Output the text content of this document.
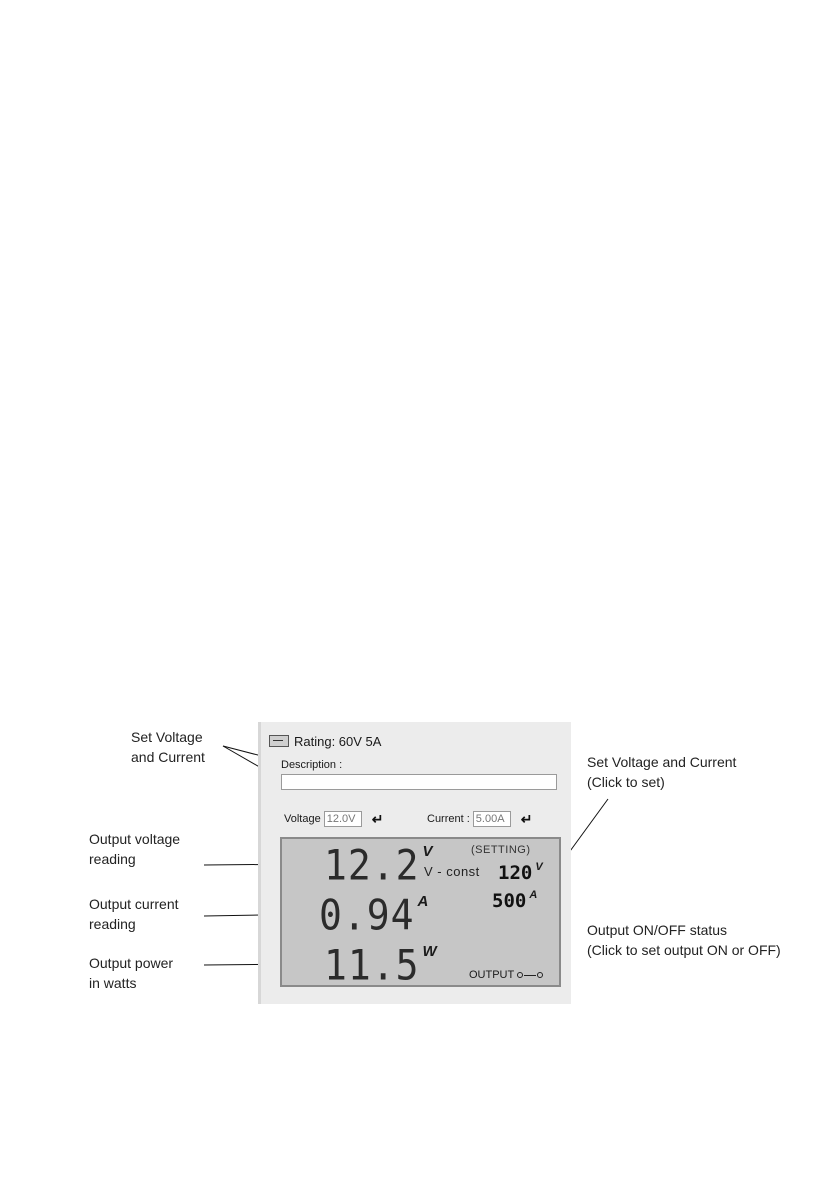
Set Voltage
and Current
Output voltage
reading
Output current
reading
Output power
in watts
Set Voltage and Current
(Click to set)
Output ON/OFF status
(Click to set output ON or OFF)
Rating: 60V 5A
Description :
Voltage
12.0V	↵	Current :
5.00A	↵
12.2 V
0.94 A
11.5 W
(SETTING)
V - const 120 V
500 A
OUTPUT
